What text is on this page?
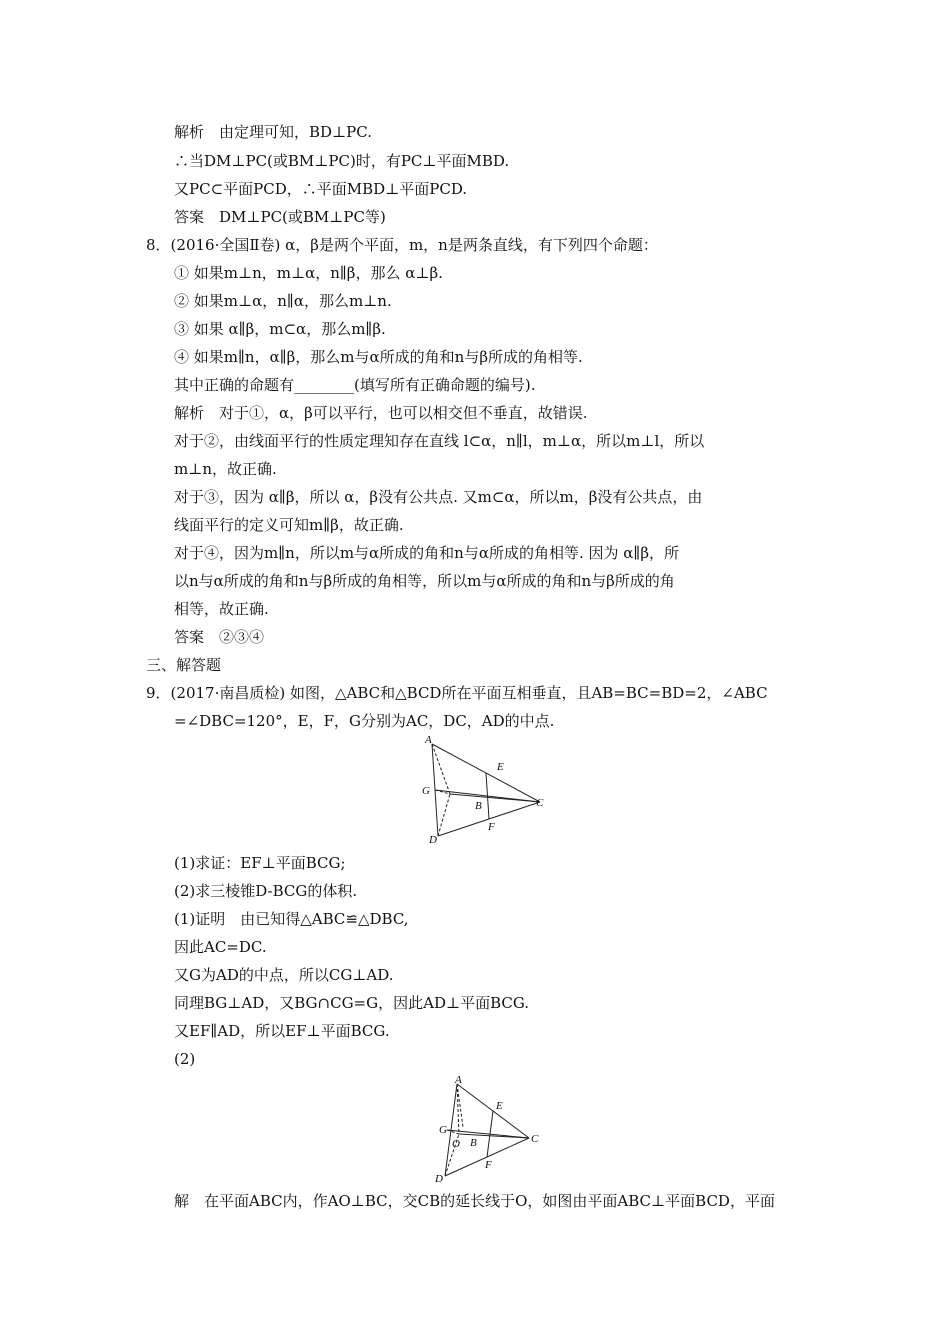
解析　由定理可知，BD⊥PC.
∴当DM⊥PC(或BM⊥PC)时，有PC⊥平面MBD.
又PC⊂平面PCD，∴平面MBD⊥平面PCD.
答案　DM⊥PC(或BM⊥PC等)
8．(2016·全国Ⅱ卷) α，β是两个平面，m，n是两条直线，有下列四个命题：
① 如果m⊥n，m⊥α，n∥β，那么 α⊥β.
② 如果m⊥α，n∥α，那么m⊥n.
③ 如果 α∥β，m⊂α，那么m∥β.
④ 如果m∥n，α∥β，那么m与α所成的角和n与β所成的角相等.
其中正确的命题有________(填写所有正确命题的编号).
解析　对于①，α，β可以平行，也可以相交但不垂直，故错误.
对于②，由线面平行的性质定理知存在直线 l⊂α，n∥l，m⊥α，所以m⊥l，所以
m⊥n，故正确.
对于③，因为 α∥β，所以 α，β没有公共点. 又m⊂α，所以m，β没有公共点，由
线面平行的定义可知m∥β，故正确.
对于④，因为m∥n，所以m与α所成的角和n与α所成的角相等. 因为 α∥β，所
以n与α所成的角和n与β所成的角相等，所以m与α所成的角和n与β所成的角
相等，故正确.
答案　②③④
三、解答题
9．(2017·南昌质检) 如图，△ABC和△BCD所在平面互相垂直，且AB=BC=BD=2，∠ABC
=∠DBC=120°，E，F，G分别为AC，DC，AD的中点.
A
E
G
B	C
D
F
(1)求证：EF⊥平面BCG;
(2)求三棱锥D-BCG的体积.
(1)证明　由已知得△ABC≌△DBC,
因此AC=DC.
又G为AD的中点，所以CG⊥AD.
同理BG⊥AD，又BG∩CG=G，因此AD⊥平面BCG.
又EF∥AD，所以EF⊥平面BCG.
(2)
A
E
G
O B	C
D
F
解　在平面ABC内，作AO⊥BC，交CB的延长线于O，如图由平面ABC⊥平面BCD，平面
